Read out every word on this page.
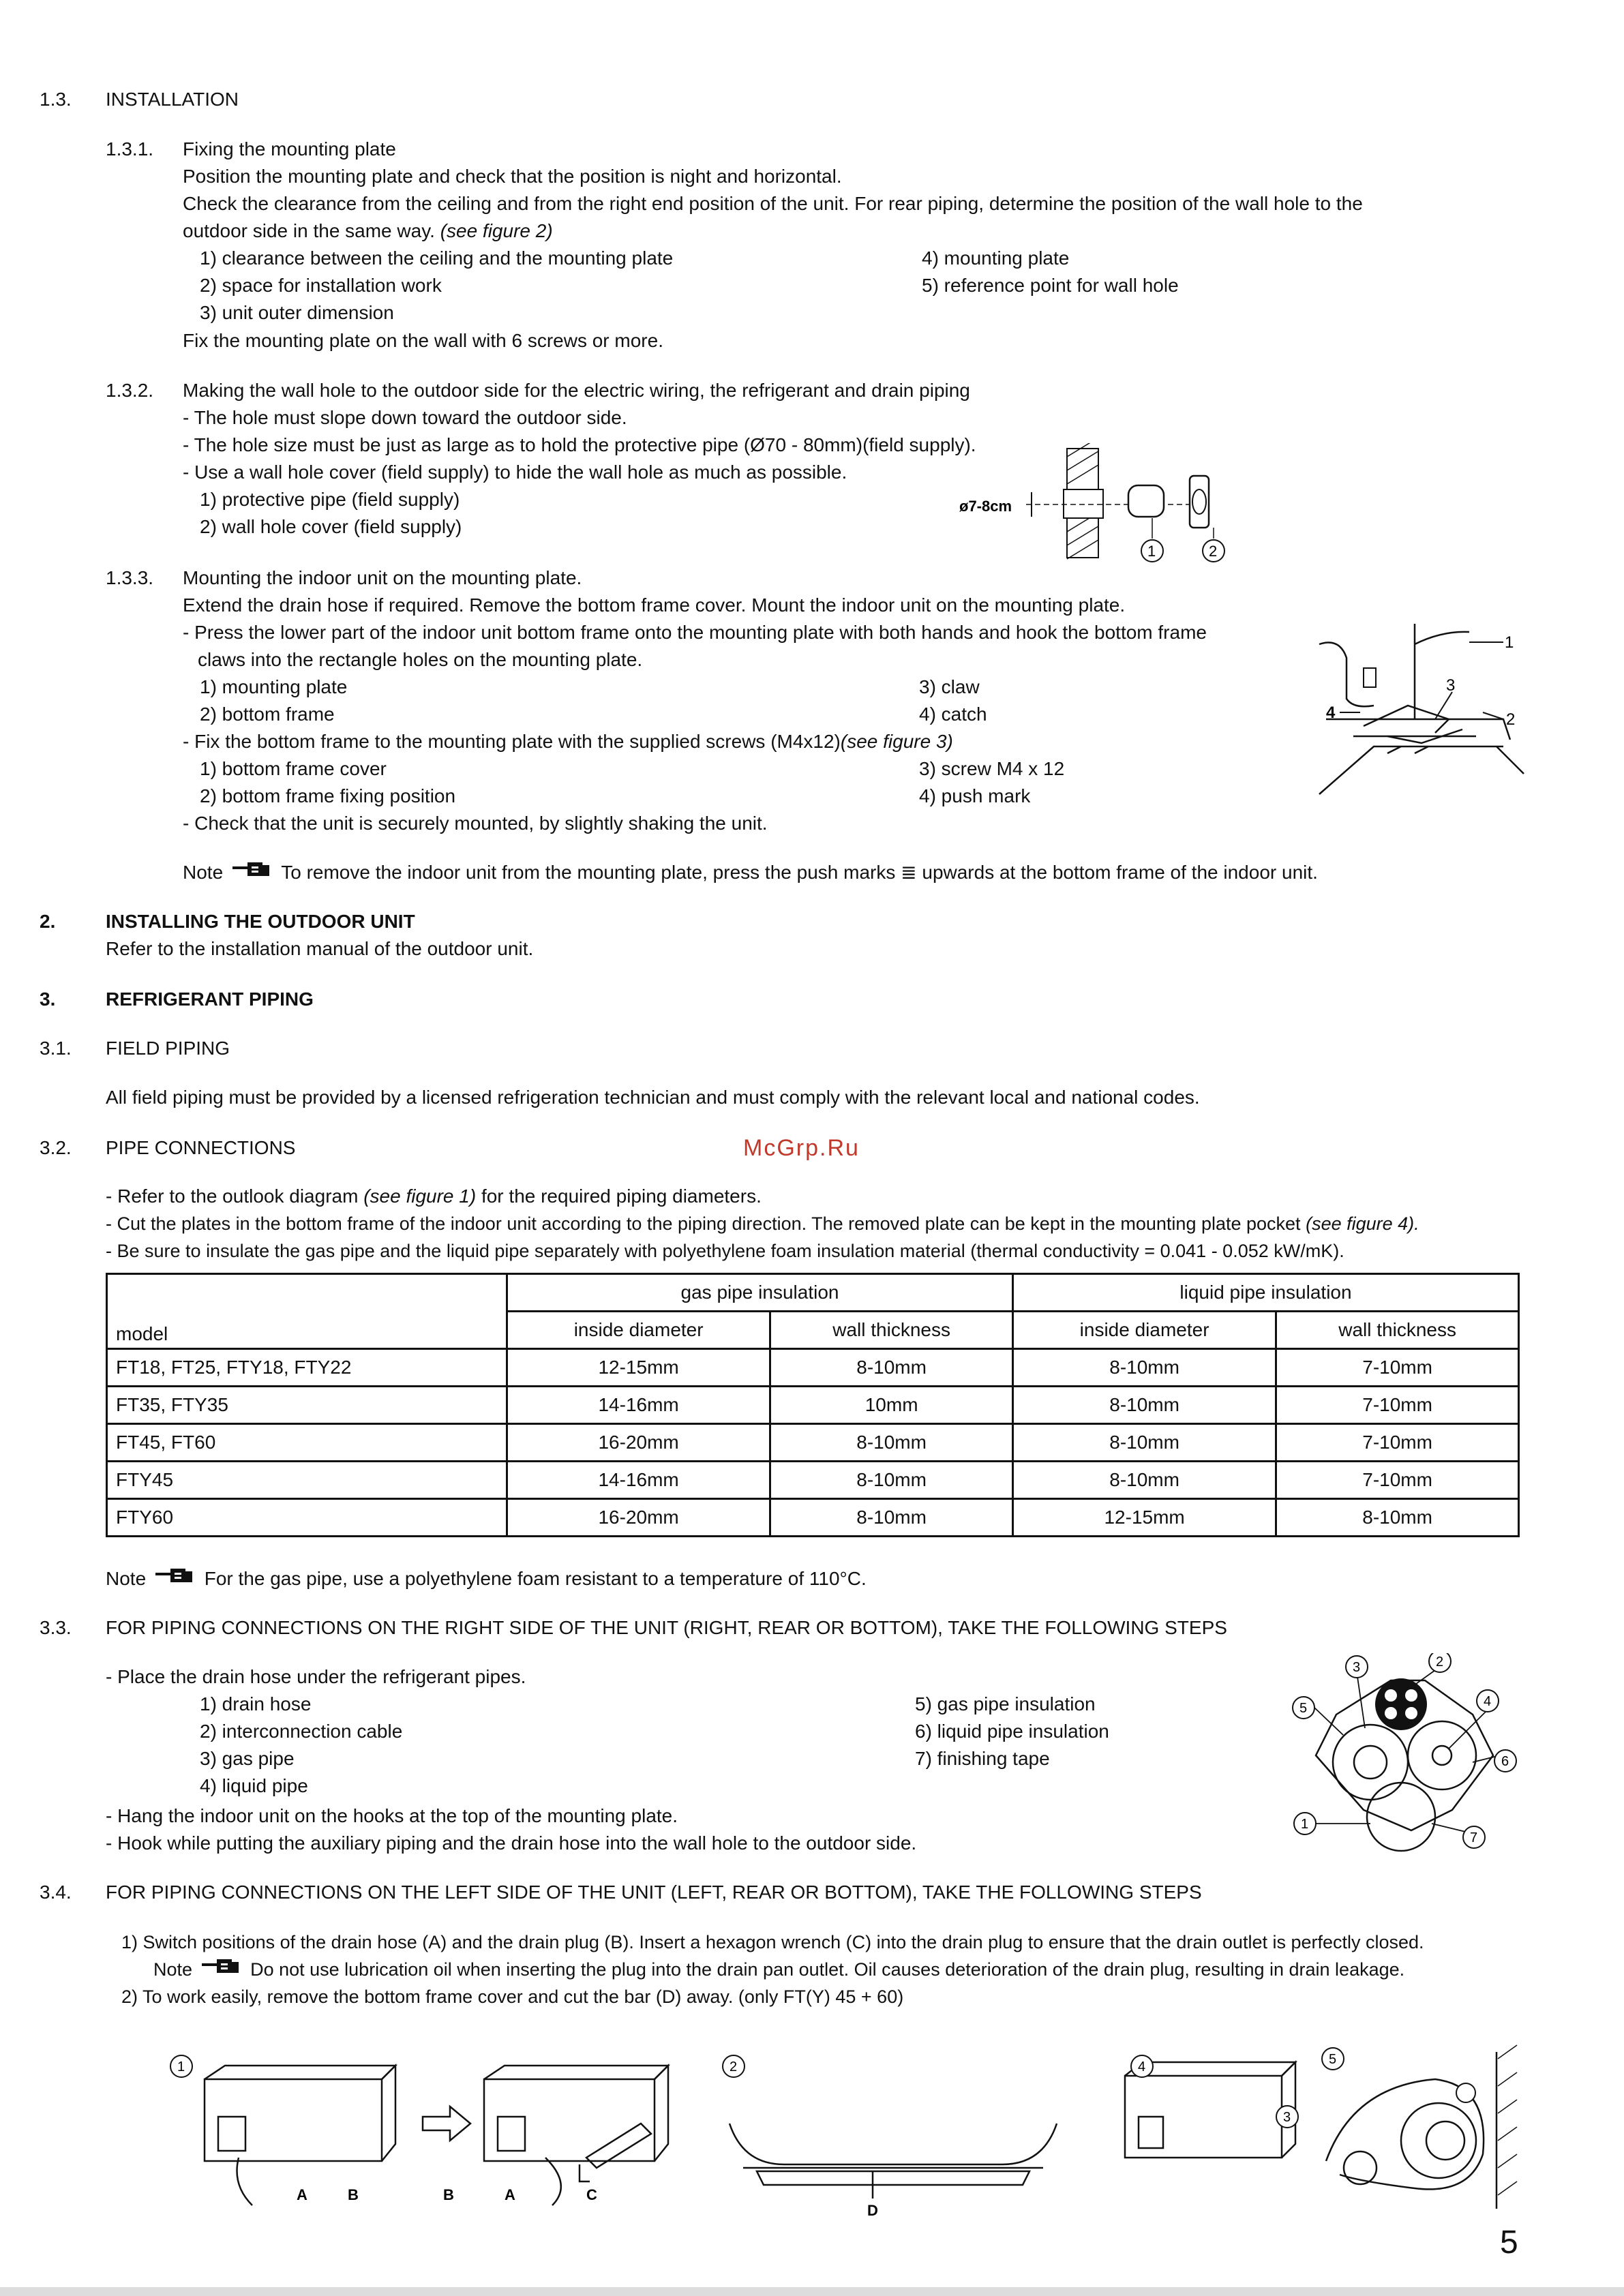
1.3. INSTALLATION
1.3.1. Fixing the mounting plate
Position the mounting plate and check that the position is night and horizontal.
Check the clearance from the ceiling and from the right end position of the unit. For rear piping, determine the position of the wall hole to the
outdoor side in the same way. (see figure 2)
1) clearance between the ceiling and the mounting plate
2) space for installation work
3) unit outer dimension
4) mounting plate
5) reference point for wall hole
Fix the mounting plate on the wall with 6 screws or more.
1.3.2. Making the wall hole to the outdoor side for the electric wiring, the refrigerant and drain piping
- The hole must slope down toward the outdoor side.
- The hole size must be just as large as to hold the protective pipe (Ø70 - 80mm)(field supply).
- Use a wall hole cover (field supply) to hide the wall hole as much as possible.
1) protective pipe (field supply)
2) wall hole cover (field supply)
ø7-8cm
1	2
1.3.3. Mounting the indoor unit on the mounting plate.
Extend the drain hose if required. Remove the bottom frame cover. Mount the indoor unit on the mounting plate.
- Press the lower part of the indoor unit bottom frame onto the mounting plate with both hands and hook the bottom frame
claws into the rectangle holes on the mounting plate.
1) mounting plate
2) bottom frame
3) claw
4) catch
- Fix the bottom frame to the mounting plate with the supplied screws (M4x12)(see figure 3)
1) bottom frame cover
2) bottom frame fixing position
3) screw M4 x 12
4) push mark
- Check that the unit is securely mounted, by slightly shaking the unit.
Note	To remove the indoor unit from the mounting plate, press the push marks ≣ upwards at the bottom frame of the indoor unit.
1
2
3
4
2.	INSTALLING THE OUTDOOR UNIT
Refer to the installation manual of the outdoor unit.
3.	REFRIGERANT PIPING
3.1. FIELD PIPING
All field piping must be provided by a licensed refrigeration technician and must comply with the relevant local and national codes.
3.2. PIPE CONNECTIONS	McGrp.Ru
- Refer to the outlook diagram (see figure 1) for the required piping diameters.
- Cut the plates in the bottom frame of the indoor unit according to the piping direction. The removed plate can be kept in the mounting plate pocket (see figure 4).
- Be sure to insulate the gas pipe and the liquid pipe separately with polyethylene foam insulation material (thermal conductivity = 0.041 - 0.052 kW/mK).
model	gas pipe insulation		liquid pipe insulation	
	inside diameter	wall thickness	inside diameter	wall thickness
FT18, FT25, FTY18, FTY22	12-15mm	8-10mm	8-10mm	7-10mm
FT35, FTY35	14-16mm	10mm	8-10mm	7-10mm
FT45, FT60	16-20mm	8-10mm	8-10mm	7-10mm
FTY45	14-16mm	8-10mm	8-10mm	7-10mm
FTY60	16-20mm	8-10mm	12-15mm	8-10mm
Note	For the gas pipe, use a polyethylene foam resistant to a temperature of 110°C.
3.3. FOR PIPING CONNECTIONS ON THE RIGHT SIDE OF THE UNIT (RIGHT, REAR OR BOTTOM), TAKE THE FOLLOWING STEPS
- Place the drain hose under the refrigerant pipes.
1) drain hose
2) interconnection cable
3) gas pipe
4) liquid pipe
5) gas pipe insulation
6) liquid pipe insulation
7) finishing tape
- Hang the indoor unit on the hooks at the top of the mounting plate.
- Hook while putting the auxiliary piping and the drain hose into the wall hole to the outdoor side.
3	2
4
5
6
1
7
3.4. FOR PIPING CONNECTIONS ON THE LEFT SIDE OF THE UNIT (LEFT, REAR OR BOTTOM), TAKE THE FOLLOWING STEPS
1) Switch positions of the drain hose (A) and the drain plug (B). Insert a hexagon wrench (C) into the drain plug to ensure that the drain outlet is perfectly closed.
Note	Do not use lubrication oil when inserting the plug into the drain pan outlet. Oil causes deterioration of the drain plug, resulting in drain leakage.
2) To work easily, remove the bottom frame cover and cut the bar (D) away. (only FT(Y) 45 + 60)
1
A	B	B	A	C
2
D
4
3
5
5
